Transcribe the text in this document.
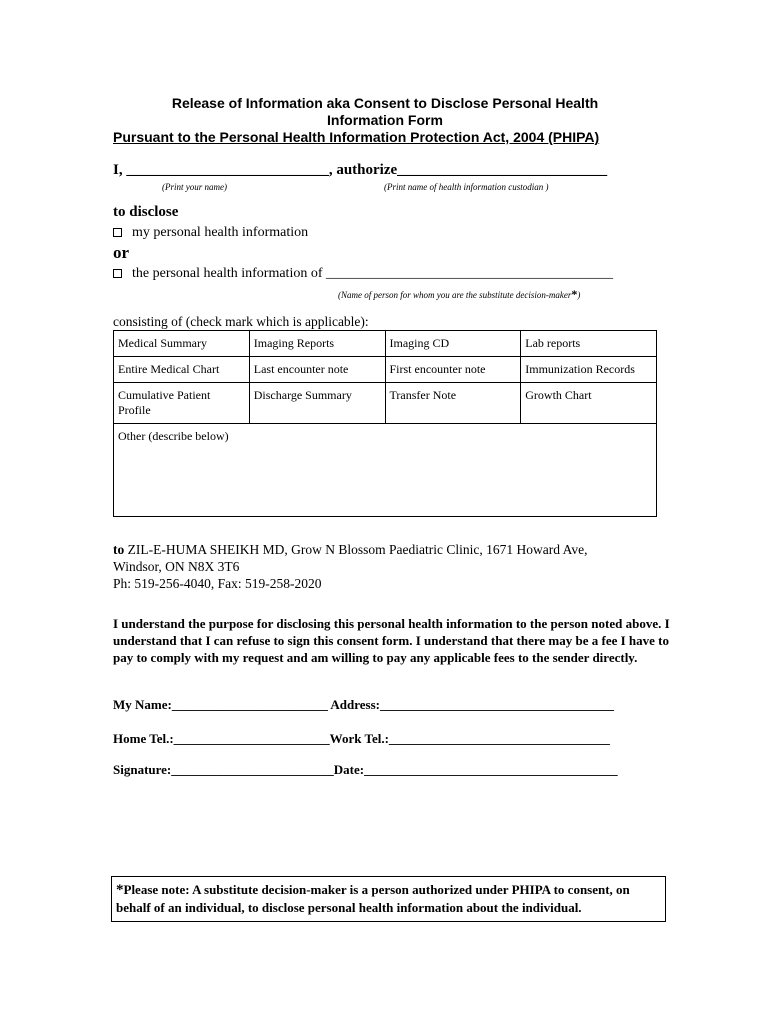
Release of Information aka Consent to Disclose Personal Health
Information Form
Pursuant to the Personal Health Information Protection Act, 2004 (PHIPA)
I, ___________________________, authorize____________________________
(Print your name)	(Print name of health information custodian )
to disclose
my personal health information
or
the personal health information of _________________________________________
(Name of person for whom you are the substitute decision-maker*)
consisting of (check mark which is applicable):
Medical Summary	Imaging Reports	Imaging CD	Lab reports
Entire Medical Chart	Last encounter note	First encounter note	Immunization Records
Cumulative Patient Profile	Discharge Summary	Transfer Note	Growth Chart
Other (describe below)			
to ZIL-E-HUMA SHEIKH MD, Grow N Blossom Paediatric Clinic, 1671 Howard Ave,
Windsor, ON N8X 3T6
Ph: 519-256-4040, Fax: 519-258-2020
I understand the purpose for disclosing this personal health information to the person noted above. I understand that I can refuse to sign this consent form. I understand that there may be a fee I have to pay to comply with my request and am willing to pay any applicable fees to the sender directly.
My Name:________________________ Address:____________________________________
Home Tel.:________________________Work Tel.:__________________________________
Signature:_________________________Date:_______________________________________
*Please note: A substitute decision-maker is a person authorized under PHIPA to consent, on behalf of an individual, to disclose personal health information about the individual.
